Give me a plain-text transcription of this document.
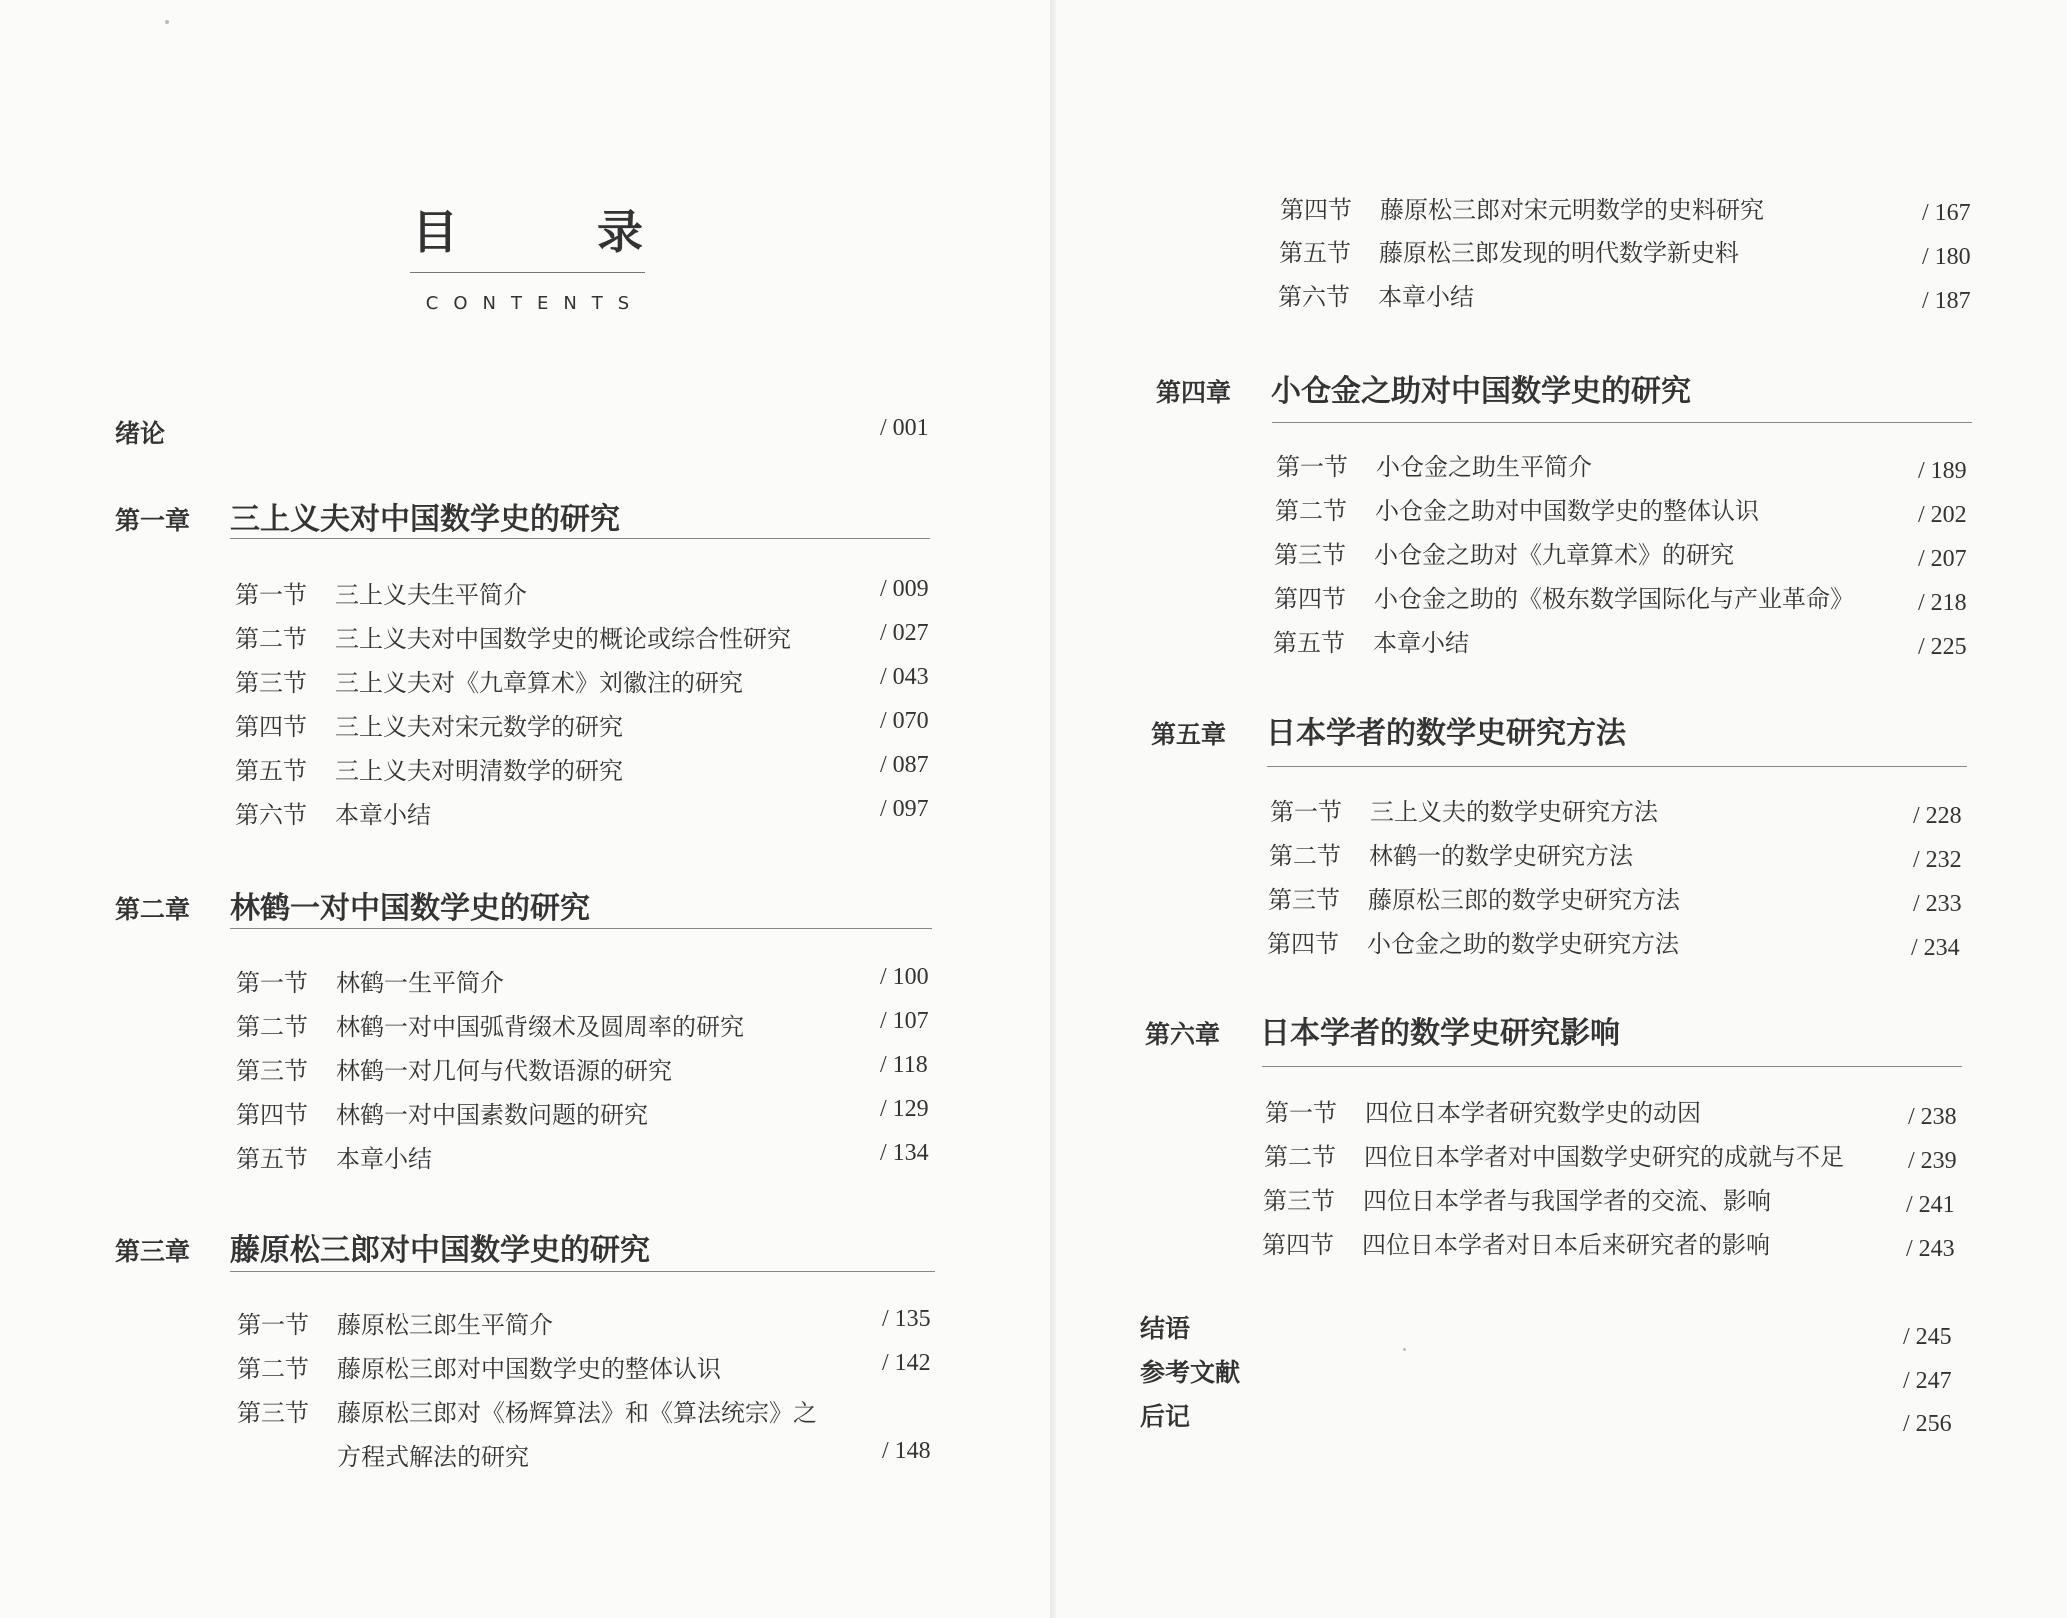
目	录
CONTENTS
绪论	/ 001
第一章	三上义夫对中国数学史的研究
第一节	三上义夫生平简介	/ 009
第二节	三上义夫对中国数学史的概论或综合性研究	/ 027
第三节	三上义夫对《九章算术》刘徽注的研究	/ 043
第四节	三上义夫对宋元数学的研究	/ 070
第五节	三上义夫对明清数学的研究	/ 087
第六节	本章小结	/ 097
第二章	林鹤一对中国数学史的研究
第一节	林鹤一生平简介	/ 100
第二节	林鹤一对中国弧背缀术及圆周率的研究	/ 107
第三节	林鹤一对几何与代数语源的研究	/ 118
第四节	林鹤一对中国素数问题的研究	/ 129
第五节	本章小结	/ 134
第三章	藤原松三郎对中国数学史的研究
第一节	藤原松三郎生平简介	/ 135
第二节	藤原松三郎对中国数学史的整体认识	/ 142
第三节	藤原松三郎对《杨辉算法》和《算法统宗》之
方程式解法的研究	/ 148
第四节	藤原松三郎对宋元明数学的史料研究	/ 167
第五节	藤原松三郎发现的明代数学新史料	/ 180
第六节	本章小结	/ 187
第四章	小仓金之助对中国数学史的研究
第一节	小仓金之助生平简介	/ 189
第二节	小仓金之助对中国数学史的整体认识	/ 202
第三节	小仓金之助对《九章算术》的研究	/ 207
第四节	小仓金之助的《极东数学国际化与产业革命》	/ 218
第五节	本章小结	/ 225
第五章	日本学者的数学史研究方法
第一节	三上义夫的数学史研究方法	/ 228
第二节	林鹤一的数学史研究方法	/ 232
第三节	藤原松三郎的数学史研究方法	/ 233
第四节	小仓金之助的数学史研究方法	/ 234
第六章	日本学者的数学史研究影响
第一节	四位日本学者研究数学史的动因	/ 238
第二节	四位日本学者对中国数学史研究的成就与不足	/ 239
第三节	四位日本学者与我国学者的交流、影响	/ 241
第四节	四位日本学者对日本后来研究者的影响	/ 243
结语	/ 245
参考文献	/ 247
后记	/ 256
